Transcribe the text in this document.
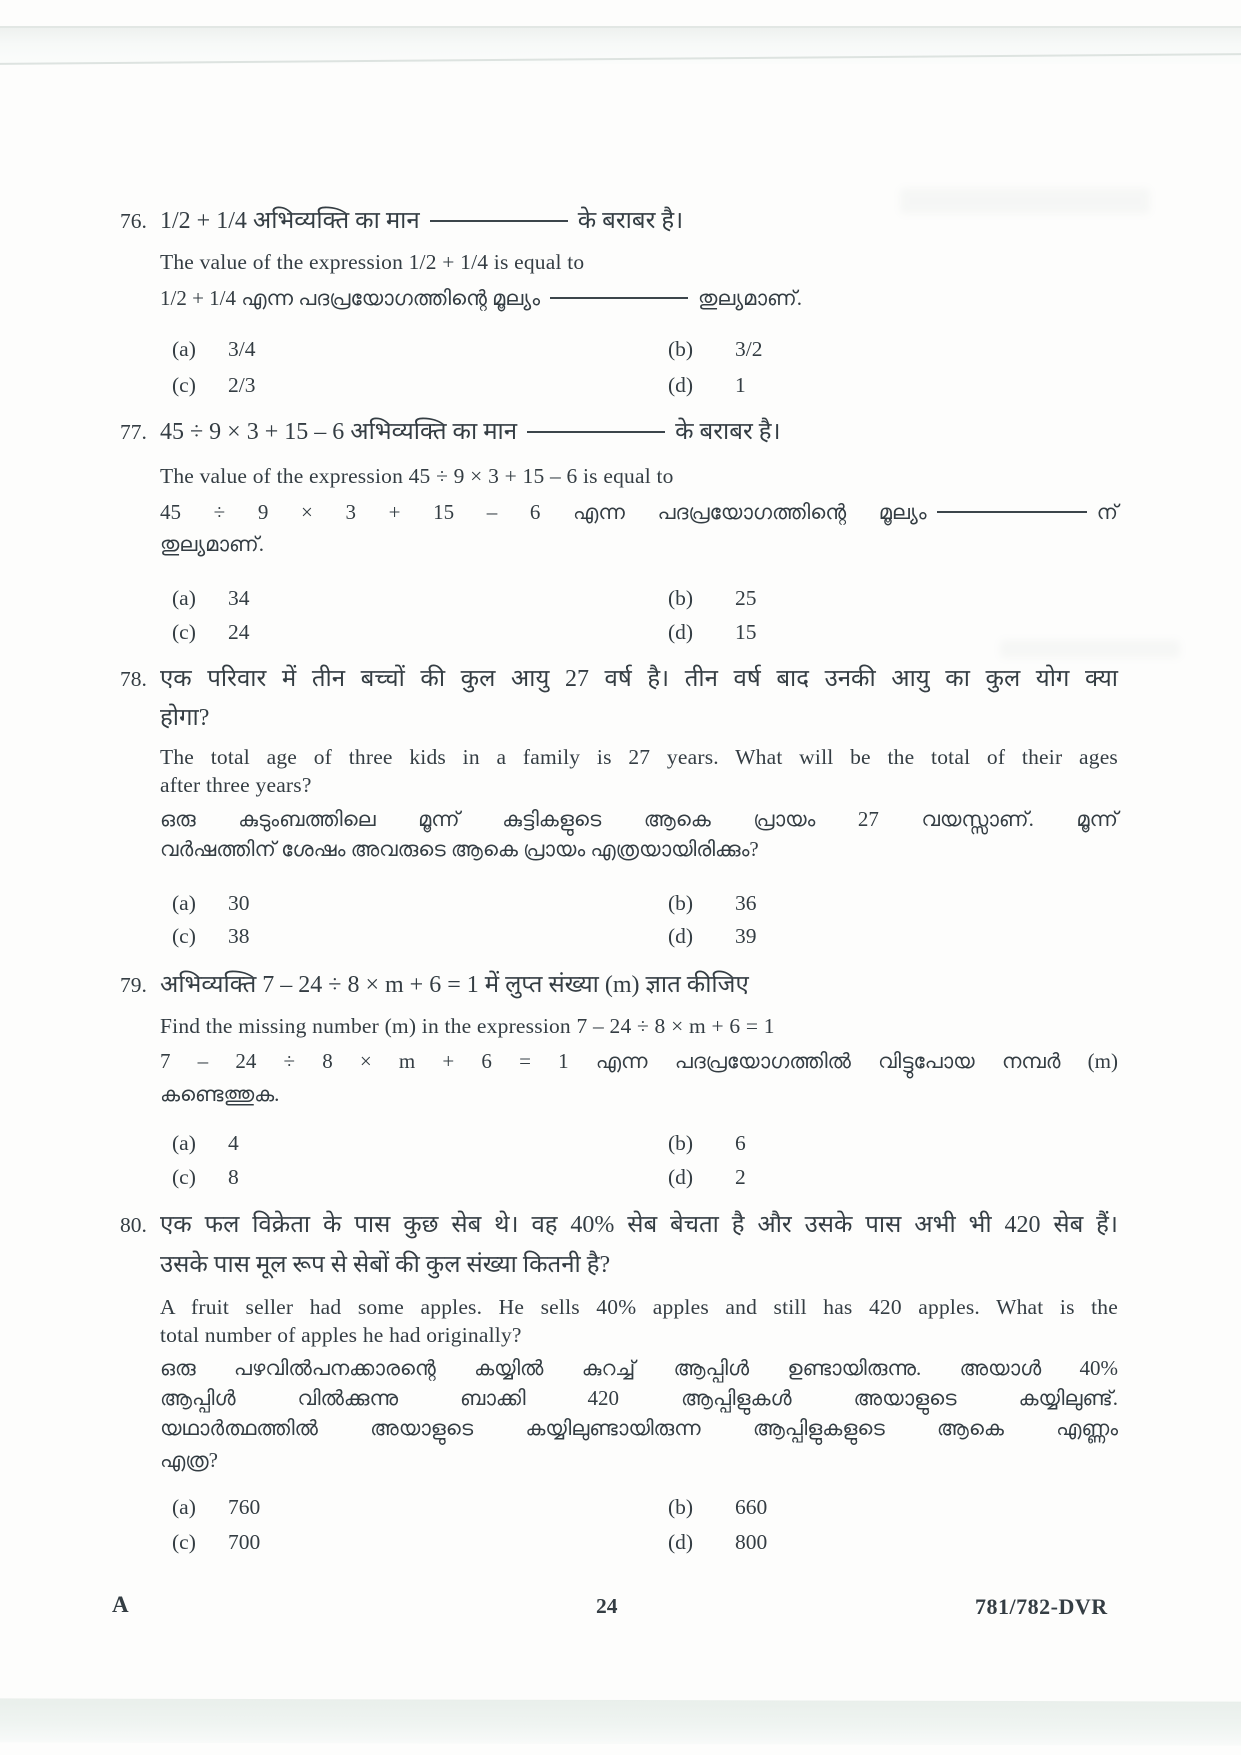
76. 1/2 + 1/4 अभिव्यक्ति का मान	के बराबर है।
The value of the expression 1/2 + 1/4 is equal to
1/2 + 1/4 എന്ന പദപ്രയോഗത്തിന്റെ മൂല്യം	തുല്യമാണ്.
(a) 3/4	(b) 3/2
(c) 2/3	(d) 1
77. 45 ÷ 9 × 3 + 15 – 6 अभिव्यक्ति का मान	के बराबर है।
The value of the expression 45 ÷ 9 × 3 + 15 – 6 is equal to
45 ÷ 9 × 3 + 15 – 6 എന്ന പദപ്രയോഗത്തിന്റെ മൂല്യം	ന്
തുല്യമാണ്.
(a) 34	(b) 25
(c) 24	(d) 15
78. एक परिवार में तीन बच्चों की कुल आयु 27 वर्ष है। तीन वर्ष बाद उनकी आयु का कुल योग क्या
होगा?
The total age of three kids in a family is 27 years. What will be the total of their ages
after three years?
ഒരു കുടുംബത്തിലെ മൂന്ന് കുട്ടികളുടെ ആകെ പ്രായം 27 വയസ്സാണ്. മൂന്ന്
വർഷത്തിന് ശേഷം അവരുടെ ആകെ പ്രായം എത്രയായിരിക്കും?
(a) 30	(b) 36
(c) 38	(d) 39
79. अभिव्यक्ति 7 – 24 ÷ 8 × m + 6 = 1 में लुप्त संख्या (m) ज्ञात कीजिए
Find the missing number (m) in the expression 7 – 24 ÷ 8 × m + 6 = 1
7 – 24 ÷ 8 × m + 6 = 1 എന്ന പദപ്രയോഗത്തിൽ വിട്ടുപോയ നമ്പർ (m)
കണ്ടെത്തുക.
(a) 4	(b) 6
(c) 8	(d) 2
80. एक फल विक्रेता के पास कुछ सेब थे। वह 40% सेब बेचता है और उसके पास अभी भी 420 सेब हैं।
उसके पास मूल रूप से सेबों की कुल संख्या कितनी है?
A fruit seller had some apples. He sells 40% apples and still has 420 apples. What is the
total number of apples he had originally?
ഒരു പഴവിൽപനക്കാരന്റെ കയ്യിൽ കുറച്ച് ആപ്പിൾ ഉണ്ടായിരുന്നു. അയാൾ 40%
ആപ്പിൾ വിൽക്കുന്നു ബാക്കി 420 ആപ്പിളുകൾ അയാളുടെ കയ്യിലുണ്ട്.
യഥാർത്ഥത്തിൽ അയാളുടെ കയ്യിലുണ്ടായിരുന്ന ആപ്പിളുകളുടെ ആകെ എണ്ണം
എത്ര?
(a) 760	(b) 660
(c) 700	(d) 800
A	24	781/782-DVR
